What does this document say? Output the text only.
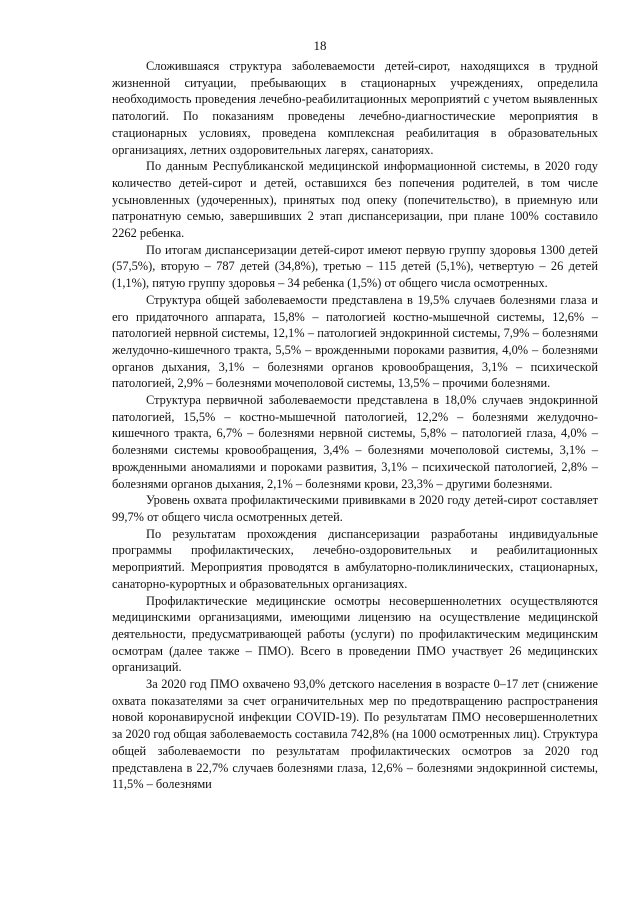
18

Сложившаяся структура заболеваемости детей-сирот, находящихся в трудной жизненной ситуации, пребывающих в стационарных учреждениях, определила необходимость проведения лечебно-реабилитационных мероприятий с учетом выявленных патологий. По показаниям проведены лечебно-диагностические мероприятия в стационарных условиях, проведена комплексная реабилитация в образовательных организациях, летних оздоровительных лагерях, санаториях.

По данным Республиканской медицинской информационной системы, в 2020 году количество детей-сирот и детей, оставшихся без попечения родителей, в том числе усыновленных (удочеренных), принятых под опеку (попечительство), в приемную или патронатную семью, завершивших 2 этап диспансеризации, при плане 100% составило 2262 ребенка.

По итогам диспансеризации детей-сирот имеют первую группу здоровья 1300 детей (57,5%), вторую – 787 детей (34,8%), третью – 115 детей (5,1%), четвертую – 26 детей (1,1%), пятую группу здоровья – 34 ребенка (1,5%) от общего числа осмотренных.

Структура общей заболеваемости представлена в 19,5% случаев болезнями глаза и его придаточного аппарата, 15,8% – патологией костно-мышечной системы, 12,6% – патологией нервной системы, 12,1% – патологией эндокринной системы, 7,9% – болезнями желудочно-кишечного тракта, 5,5% – врожденными пороками развития, 4,0% – болезнями органов дыхания, 3,1% – болезнями органов кровообращения, 3,1% – психической патологией, 2,9% – болезнями мочеполовой системы, 13,5% – прочими болезнями.

Структура первичной заболеваемости представлена в 18,0% случаев эндокринной патологией, 15,5% – костно-мышечной патологией, 12,2% – болезнями желудочно-кишечного тракта, 6,7% – болезнями нервной системы, 5,8% – патологией глаза, 4,0% – болезнями системы кровообращения, 3,4% – болезнями мочеполовой системы, 3,1% – врожденными аномалиями и пороками развития, 3,1% – психической патологией, 2,8% – болезнями органов дыхания, 2,1% – болезнями крови, 23,3% – другими болезнями.

Уровень охвата профилактическими прививками в 2020 году детей-сирот составляет 99,7% от общего числа осмотренных детей.

По результатам прохождения диспансеризации разработаны индивидуальные программы профилактических, лечебно-оздоровительных и реабилитационных мероприятий. Мероприятия проводятся в амбулаторно-поликлинических, стационарных, санаторно-курортных и образовательных организациях.

Профилактические медицинские осмотры несовершеннолетних осуществляются медицинскими организациями, имеющими лицензию на осуществление медицинской деятельности, предусматривающей работы (услуги) по профилактическим медицинским осмотрам (далее также – ПМО). Всего в проведении ПМО участвует 26 медицинских организаций.

За 2020 год ПМО охвачено 93,0% детского населения в возрасте 0–17 лет (снижение охвата показателями за счет ограничительных мер по предотвращению распространения новой коронавирусной инфекции COVID-19). По результатам ПМО несовершеннолетних за 2020 год общая заболеваемость составила 742,8% (на 1000 осмотренных лиц). Структура общей заболеваемости по результатам профилактических осмотров за 2020 год представлена в 22,7% случаев болезнями глаза, 12,6% – болезнями эндокринной системы, 11,5% – болезнями
